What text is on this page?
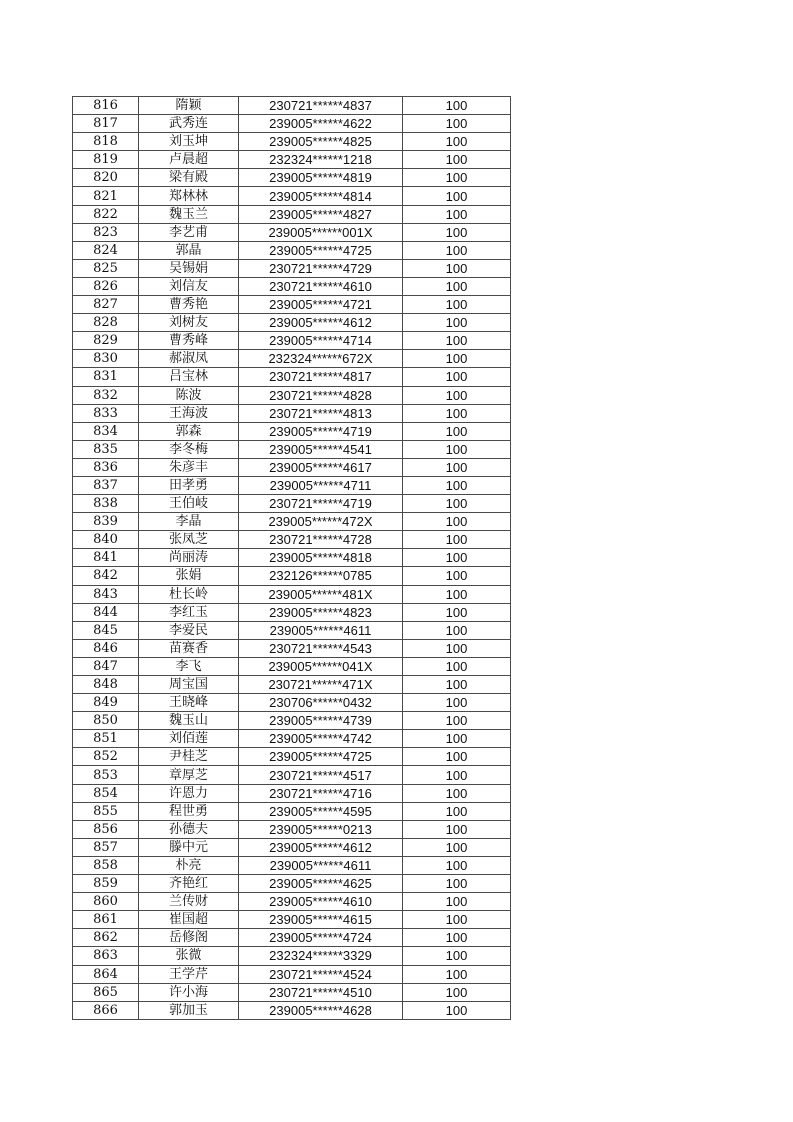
816	隋颖	230721******4837	100
817	武秀连	239005******4622	100
818	刘玉坤	239005******4825	100
819	卢晨超	232324******1218	100
820	梁有殿	239005******4819	100
821	郑林林	239005******4814	100
822	魏玉兰	239005******4827	100
823	李艺甫	239005******001X	100
824	郭晶	239005******4725	100
825	吴锡娟	230721******4729	100
826	刘信友	230721******4610	100
827	曹秀艳	239005******4721	100
828	刘树友	239005******4612	100
829	曹秀峰	239005******4714	100
830	郝淑凤	232324******672X	100
831	吕宝林	230721******4817	100
832	陈波	230721******4828	100
833	王海波	230721******4813	100
834	郭森	239005******4719	100
835	李冬梅	239005******4541	100
836	朱彦丰	239005******4617	100
837	田孝勇	239005******4711	100
838	王伯岐	230721******4719	100
839	李晶	239005******472X	100
840	张凤芝	230721******4728	100
841	尚丽涛	239005******4818	100
842	张娟	232126******0785	100
843	杜长岭	239005******481X	100
844	李红玉	239005******4823	100
845	李爱民	239005******4611	100
846	苗赛香	230721******4543	100
847	李飞	239005******041X	100
848	周宝国	230721******471X	100
849	王晓峰	230706******0432	100
850	魏玉山	239005******4739	100
851	刘佰莲	239005******4742	100
852	尹桂芝	239005******4725	100
853	章厚芝	230721******4517	100
854	许恩力	230721******4716	100
855	程世勇	239005******4595	100
856	孙德夫	239005******0213	100
857	滕中元	239005******4612	100
858	朴亮	239005******4611	100
859	齐艳红	239005******4625	100
860	兰传财	239005******4610	100
861	崔国超	239005******4615	100
862	岳修阁	239005******4724	100
863	张微	232324******3329	100
864	王学芹	230721******4524	100
865	许小海	230721******4510	100
866	郭加玉	239005******4628	100
